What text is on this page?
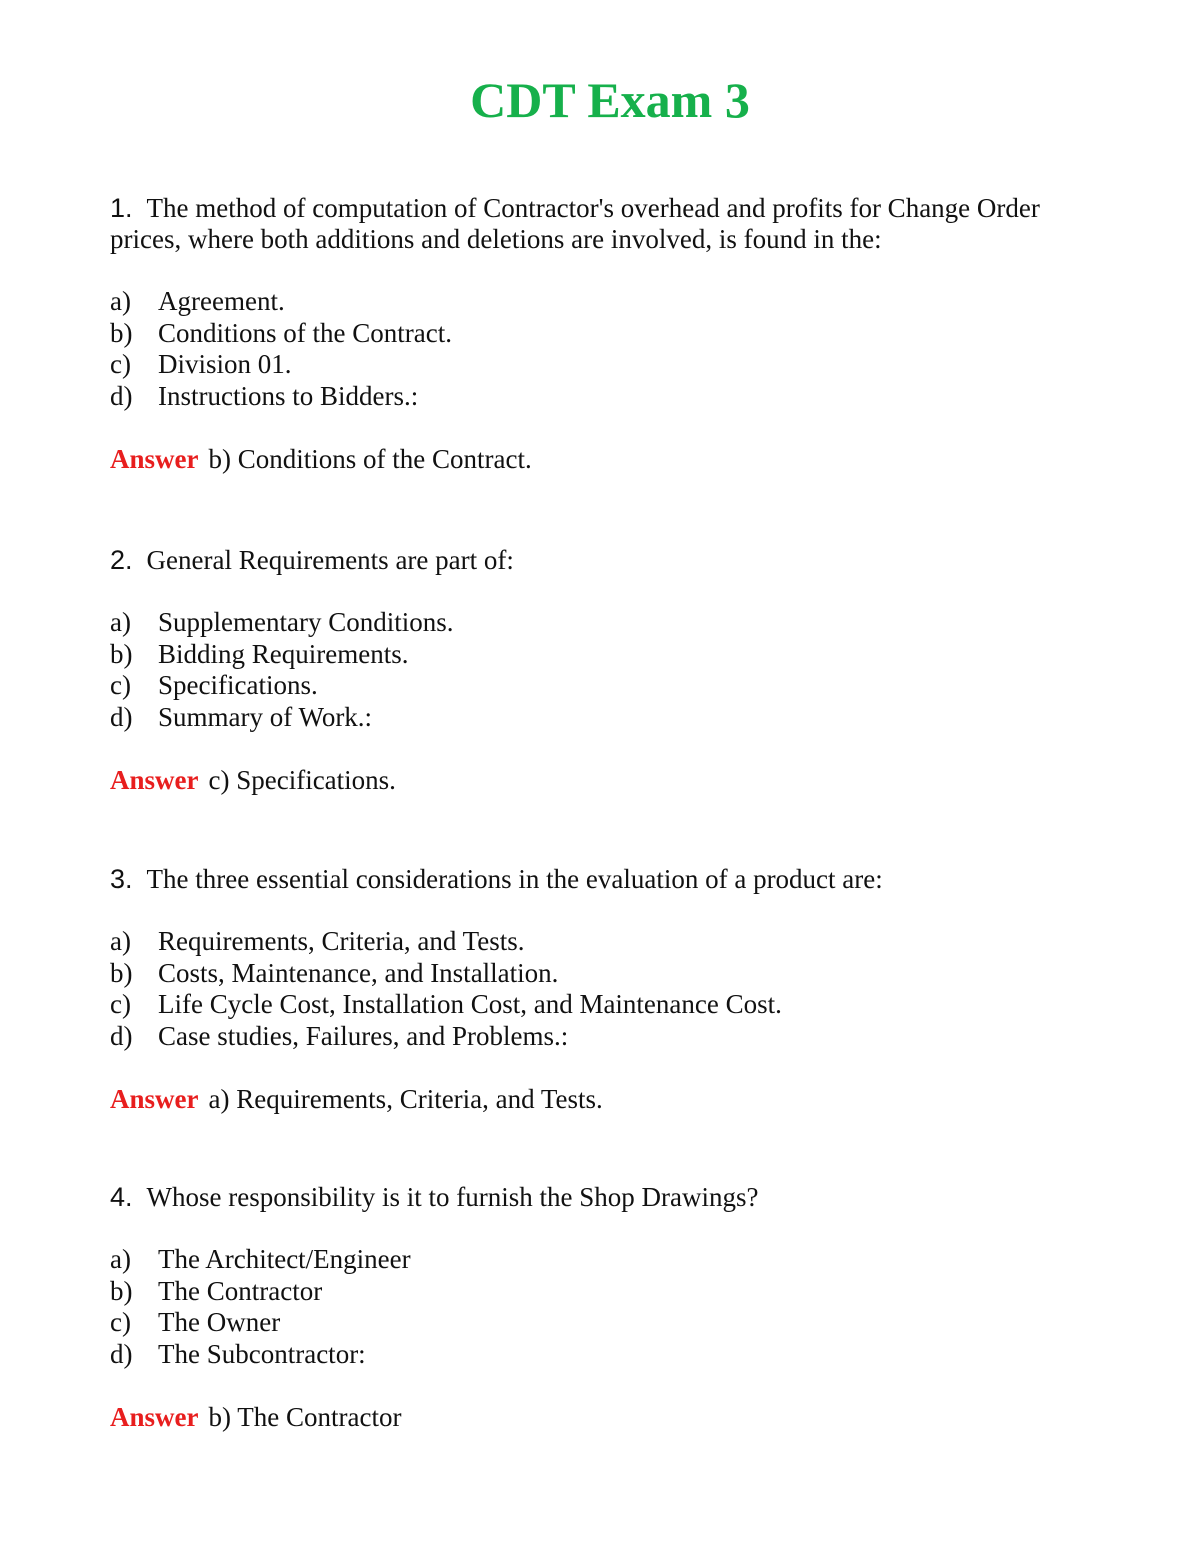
CDT Exam 3

1. The method of computation of Contractor's overhead and profits for Change Order prices, where both additions and deletions are involved, is found in the:

a)	Agreement.
b) Conditions of the Contract.
c)	Division 01.
d) Instructions to Bidders.:

Answer b) Conditions of the Contract.

2. General Requirements are part of:

a)	Supplementary Conditions.
b) Bidding Requirements.
c)	Specifications.
d) Summary of Work.:

Answer c) Specifications.

3. The three essential considerations in the evaluation of a product are:

a)	Requirements, Criteria, and Tests.
b) Costs, Maintenance, and Installation.
c)	Life Cycle Cost, Installation Cost, and Maintenance Cost.
d) Case studies, Failures, and Problems.:

Answer a) Requirements, Criteria, and Tests.

4. Whose responsibility is it to furnish the Shop Drawings?

a)	The Architect/Engineer
b) The Contractor
c)	The Owner
d) The Subcontractor:

Answer b) The Contractor
